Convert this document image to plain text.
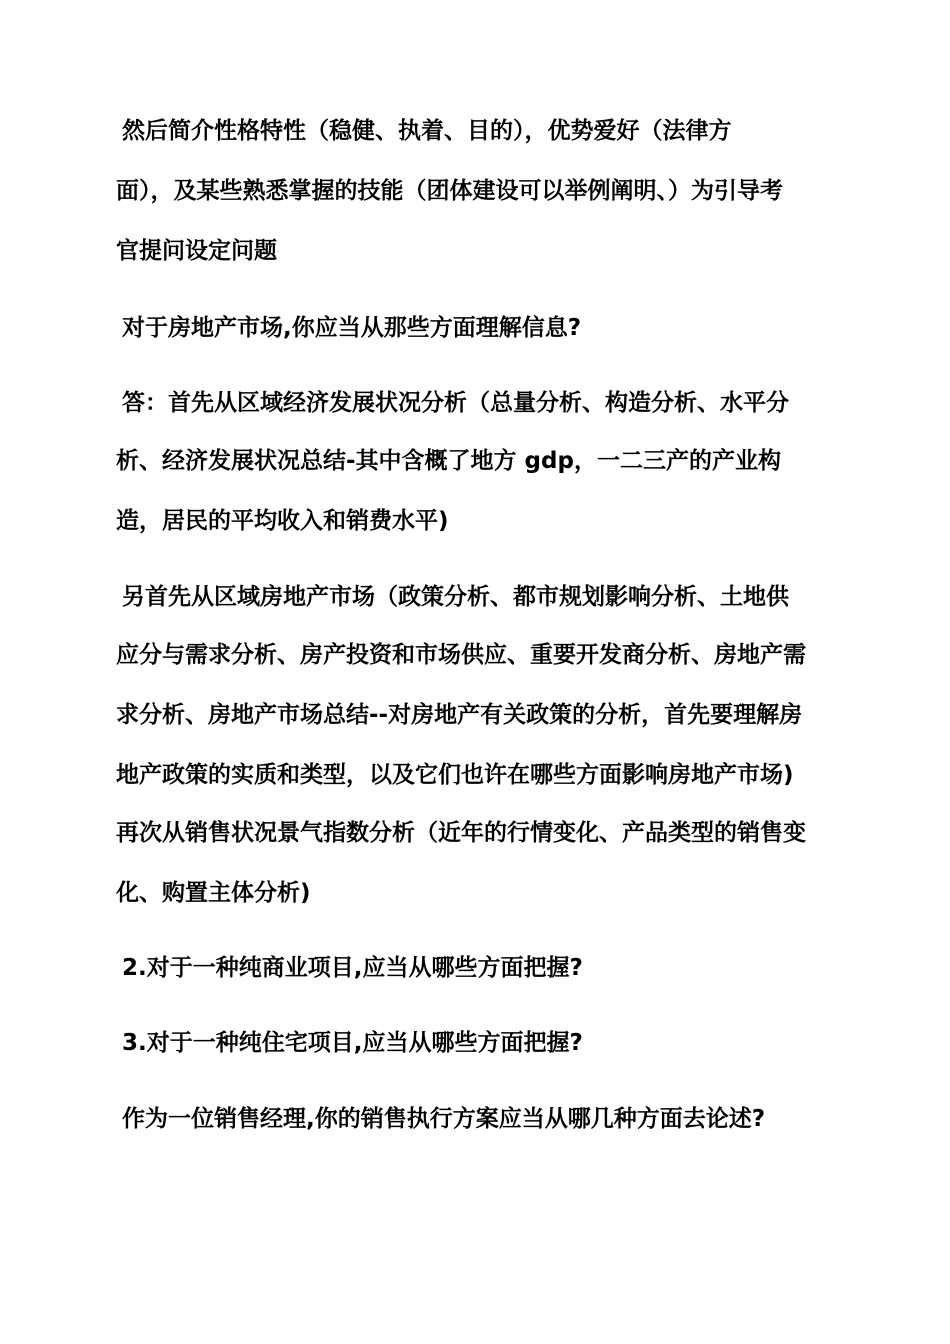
然后简介性格特性（稳健、执着、目的），优势爱好（法律方
面），及某些熟悉掌握的技能（团体建设可以举例阐明、）为引导考
官提问设定问题
对于房地产市场,你应当从那些方面理解信息?
答：首先从区域经济发展状况分析（总量分析、构造分析、水平分
析、经济发展状况总结-其中含概了地方 gdp，一二三产的产业构
造，居民的平均收入和销费水平)
另首先从区域房地产市场（政策分析、都市规划影响分析、土地供
应分与需求分析、房产投资和市场供应、重要开发商分析、房地产需
求分析、房地产市场总结--对房地产有关政策的分析，首先要理解房
地产政策的实质和类型，以及它们也许在哪些方面影响房地产市场)
再次从销售状况景气指数分析（近年的行情变化、产品类型的销售变
化、购置主体分析)
2.对于一种纯商业项目,应当从哪些方面把握?
3.对于一种纯住宅项目,应当从哪些方面把握?
作为一位销售经理,你的销售执行方案应当从哪几种方面去论述?
